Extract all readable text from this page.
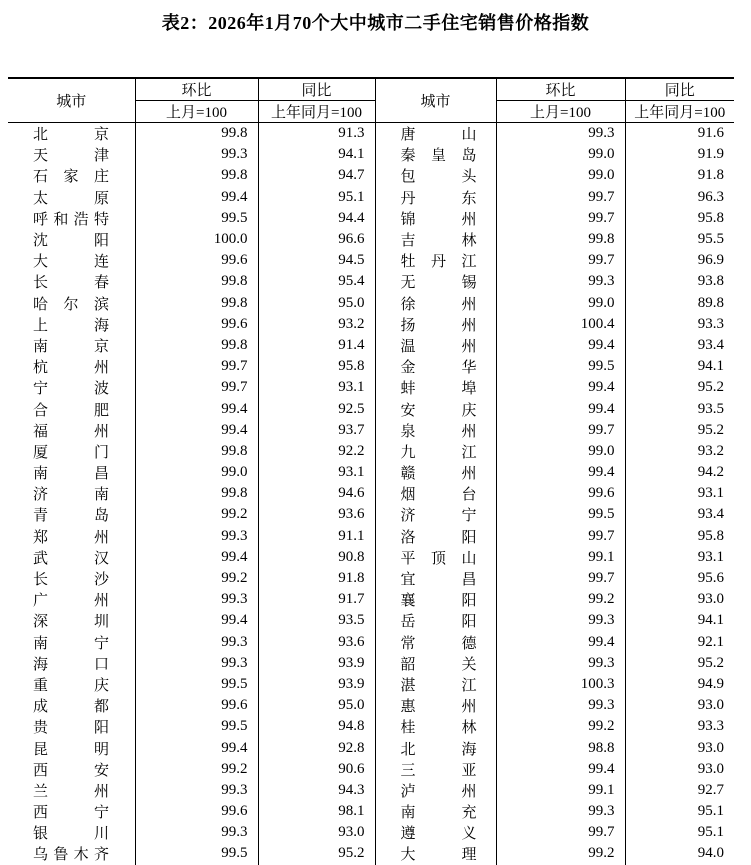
表2：2026年1月70个大中城市二手住宅销售价格指数
城市	环比	同比	城市	环比	同比
	上月=100	上年同月=100		上月=100	上年同月=100

北京	99.8	91.3	唐山	99.3	91.6

天津	99.3	94.1	秦皇岛	99.0	91.9

石家庄	99.8	94.7	包头	99.0	91.8

太原	99.4	95.1	丹东	99.7	96.3

呼和浩特	99.5	94.4	锦州	99.7	95.8

沈阳	100.0	96.6	吉林	99.8	95.5

大连	99.6	94.5	牡丹江	99.7	96.9

长春	99.8	95.4	无锡	99.3	93.8

哈尔滨	99.8	95.0	徐州	99.0	89.8

上海	99.6	93.2	扬州	100.4	93.3

南京	99.8	91.4	温州	99.4	93.4

杭州	99.7	95.8	金华	99.5	94.1

宁波	99.7	93.1	蚌埠	99.4	95.2

合肥	99.4	92.5	安庆	99.4	93.5

福州	99.4	93.7	泉州	99.7	95.2

厦门	99.8	92.2	九江	99.0	93.2

南昌	99.0	93.1	赣州	99.4	94.2

济南	99.8	94.6	烟台	99.6	93.1

青岛	99.2	93.6	济宁	99.5	93.4

郑州	99.3	91.1	洛阳	99.7	95.8

武汉	99.4	90.8	平顶山	99.1	93.1

长沙	99.2	91.8	宜昌	99.7	95.6

广州	99.3	91.7	襄阳	99.2	93.0

深圳	99.4	93.5	岳阳	99.3	94.1

南宁	99.3	93.6	常德	99.4	92.1

海口	99.3	93.9	韶关	99.3	95.2

重庆	99.5	93.9	湛江	100.3	94.9

成都	99.6	95.0	惠州	99.3	93.0

贵阳	99.5	94.8	桂林	99.2	93.3

昆明	99.4	92.8	北海	98.8	93.0

西安	99.2	90.6	三亚	99.4	93.0

兰州	99.3	94.3	泸州	99.1	92.7

西宁	99.6	98.1	南充	99.3	95.1

银川	99.3	93.0	遵义	99.7	95.1

乌鲁木齐	99.5	95.2	大理	99.2	94.0
